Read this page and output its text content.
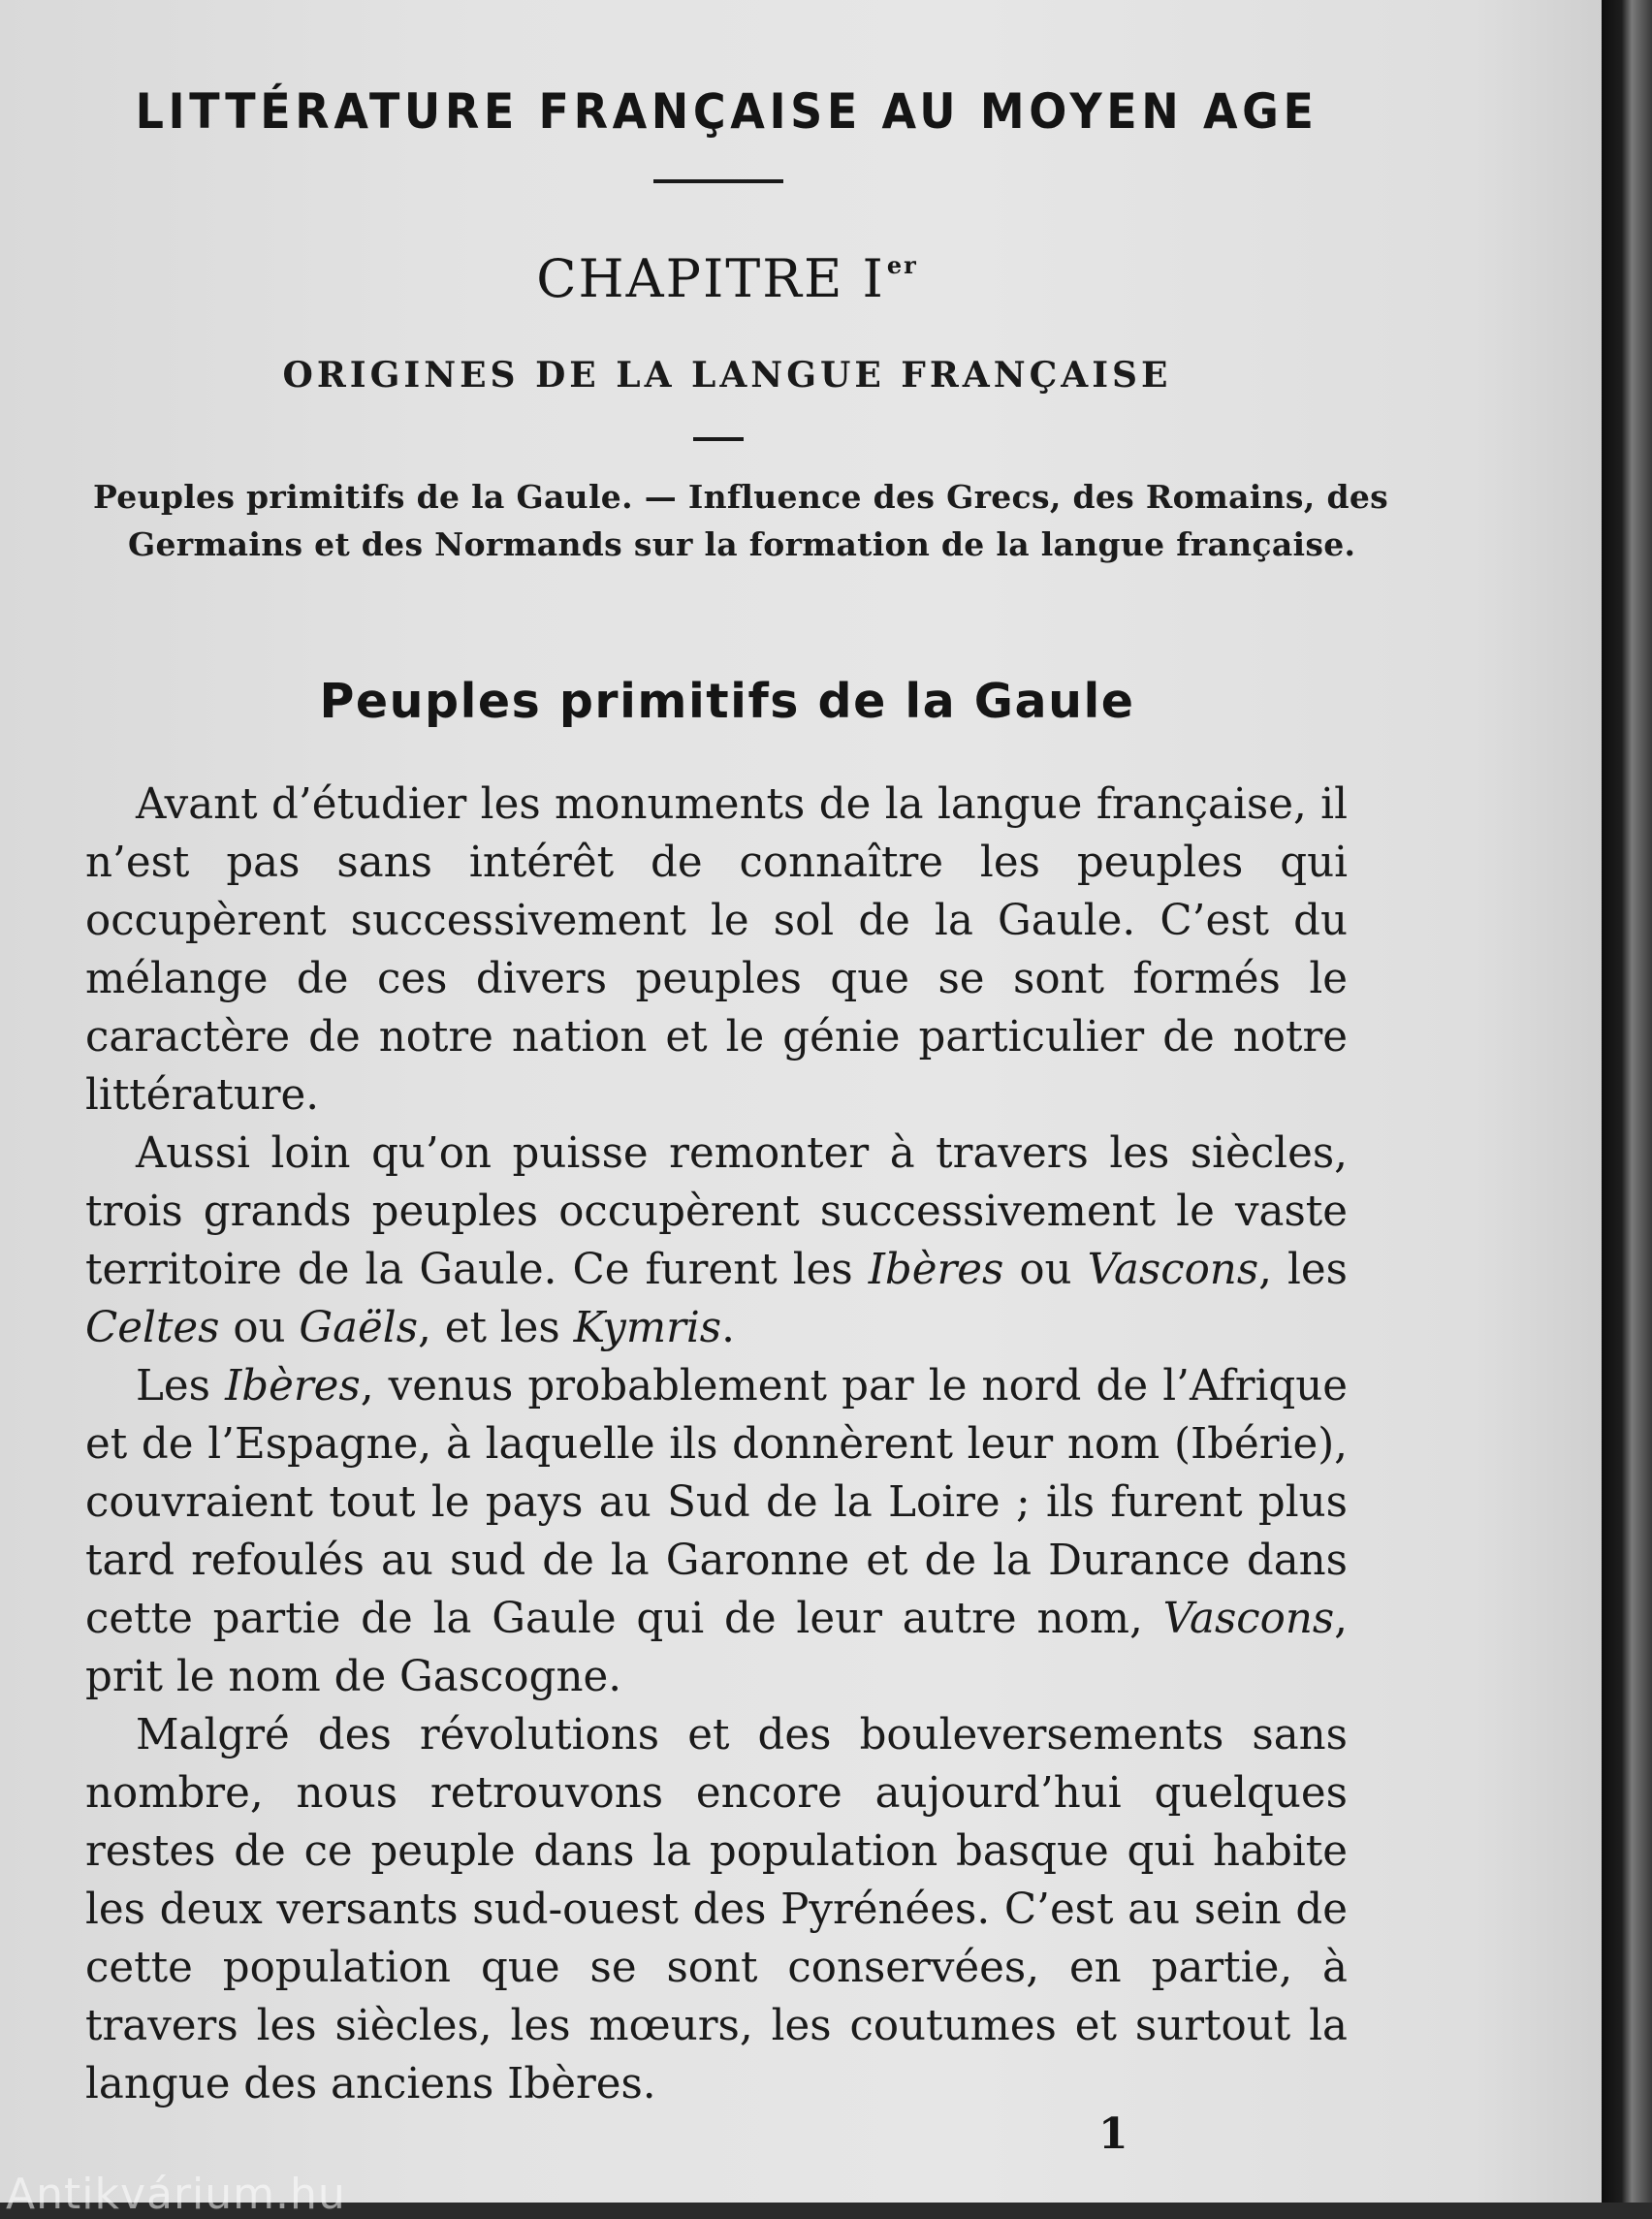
LITTÉRATURE FRANÇAISE AU MOYEN AGE
CHAPITRE Ier
ORIGINES DE LA LANGUE FRANÇAISE
Peuples primitifs de la Gaule. — Influence des Grecs, des Romains, des Germains et des Normands sur la formation de la langue française.
Peuples primitifs de la Gaule

Avant d’étudier les monuments de la langue française, il n’est pas sans intérêt de connaître les peuples qui occupèrent successivement le sol de la Gaule. C’est du mélange de ces divers peuples que se sont formés le caractère de notre nation et le génie particulier de notre littérature.

Aussi loin qu’on puisse remonter à travers les siècles, trois grands peuples occupèrent successivement le vaste territoire de la Gaule. Ce furent les Ibères ou Vascons, les Celtes ou Gaëls, et les Kymris.

Les Ibères, venus probablement par le nord de l’Afrique et de l’Espagne, à laquelle ils donnèrent leur nom (Ibérie), couvraient tout le pays au Sud de la Loire ; ils furent plus tard refoulés au sud de la Garonne et de la Durance dans cette partie de la Gaule qui de leur autre nom, Vascons, prit le nom de Gascogne.

Malgré des révolutions et des bouleversements sans nombre, nous retrouvons encore aujourd’hui quelques restes de ce peuple dans la population basque qui habite les deux versants sud-ouest des Pyrénées. C’est au sein de cette population que se sont conservées, en partie, à travers les siècles, les mœurs, les coutumes et surtout la langue des anciens Ibères.

1
Antikvárium.hu
